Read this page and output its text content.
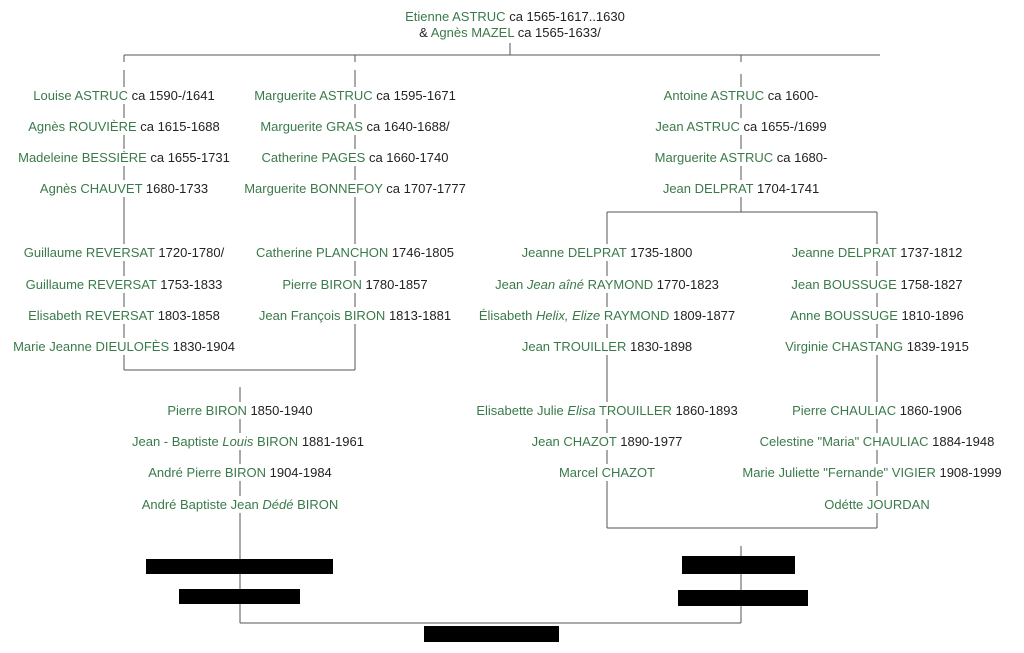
Etienne ASTRUC ca 1565-1617..1630
& Agnès MAZEL ca 1565-1633/
Louise ASTRUC ca 1590-/1641
Agnès ROUVIÈRE ca 1615-1688
Madeleine BESSIÈRE ca 1655-1731
Agnès CHAUVET 1680-1733
Guillaume REVERSAT 1720-1780/
Guillaume REVERSAT 1753-1833
Elisabeth REVERSAT 1803-1858
Marie Jeanne DIEULOFÈS 1830-1904
Marguerite ASTRUC ca 1595-1671
Marguerite GRAS ca 1640-1688/
Catherine PAGES ca 1660-1740
Marguerite BONNEFOY ca 1707-1777
Catherine PLANCHON 1746-1805
Pierre BIRON 1780-1857
Jean François BIRON 1813-1881
Pierre BIRON 1850-1940
Jean - Baptiste Louis BIRON 1881-1961
André Pierre BIRON 1904-1984
André Baptiste Jean Dédé BIRON
Antoine ASTRUC ca 1600-
Jean ASTRUC ca 1655-/1699
Marguerite ASTRUC ca 1680-
Jean DELPRAT 1704-1741
Jeanne DELPRAT 1735-1800
Jean Jean aîné RAYMOND 1770-1823
Élisabeth Helix, Elize RAYMOND 1809-1877
Jean TROUILLER 1830-1898
Elisabette Julie Elisa TROUILLER 1860-1893
Jean CHAZOT 1890-1977
Marcel CHAZOT
Jeanne DELPRAT 1737-1812
Jean BOUSSUGE 1758-1827
Anne BOUSSUGE 1810-1896
Virginie CHASTANG 1839-1915
Pierre CHAULIAC 1860-1906
Celestine "Maria" CHAULIAC 1884-1948
Marie Juliette "Fernande" VIGIER 1908-1999
Odétte JOURDAN
